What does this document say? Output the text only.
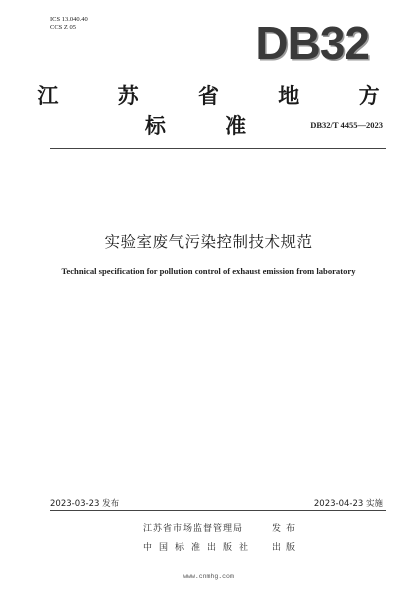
ICS 13.040.40
CCS Z 05	DB32
江 苏 省 地 方 标 准	DB32/T 4455—2023
实验室废气污染控制技术规范
Technical specification for pollution control of exhaust emission from laboratory
2023-03-23 发布	2023-04-23 实施
江苏省市场监督管理局	发布
中国标准出版社 出版
www.cnmhg.com
